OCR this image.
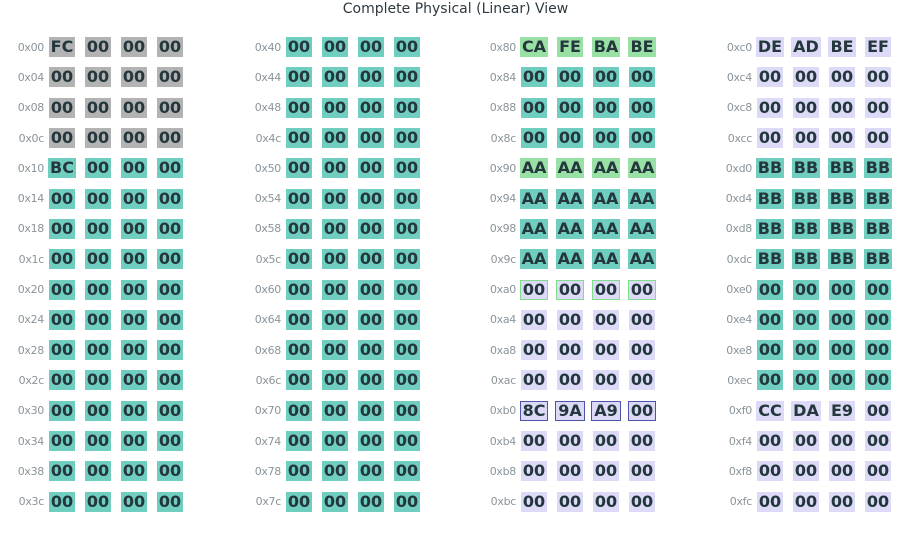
Complete Physical (Linear) View
0x00 FC 00 00 00
0x04 00 00 00 00
0x08 00 00 00 00
0x0c 00 00 00 00
0x10 BC 00 00 00
0x14 00 00 00 00
0x18 00 00 00 00
0x1c 00 00 00 00
0x20 00 00 00 00
0x24 00 00 00 00
0x28 00 00 00 00
0x2c 00 00 00 00
0x30 00 00 00 00
0x34 00 00 00 00
0x38 00 00 00 00
0x3c 00 00 00 00
0x40 00 00 00 00
0x44 00 00 00 00
0x48 00 00 00 00
0x4c 00 00 00 00
0x50 00 00 00 00
0x54 00 00 00 00
0x58 00 00 00 00
0x5c 00 00 00 00
0x60 00 00 00 00
0x64 00 00 00 00
0x68 00 00 00 00
0x6c 00 00 00 00
0x70 00 00 00 00
0x74 00 00 00 00
0x78 00 00 00 00
0x7c 00 00 00 00
0x80 CA FE BA BE
0x84 00 00 00 00
0x88 00 00 00 00
0x8c 00 00 00 00
0x90 AA AA AA AA
0x94 AA AA AA AA
0x98 AA AA AA AA
0x9c AA AA AA AA
0xa0 00 00 00 00
0xa4 00 00 00 00
0xa8 00 00 00 00
0xac 00 00 00 00
0xb0 8C 9A A9 00
0xb4 00 00 00 00
0xb8 00 00 00 00
0xbc 00 00 00 00
0xc0 DE AD BE EF
0xc4 00 00 00 00
0xc8 00 00 00 00
0xcc 00 00 00 00
0xd0 BB BB BB BB
0xd4 BB BB BB BB
0xd8 BB BB BB BB
0xdc BB BB BB BB
0xe0 00 00 00 00
0xe4 00 00 00 00
0xe8 00 00 00 00
0xec 00 00 00 00
0xf0 CC DA E9 00
0xf4 00 00 00 00
0xf8 00 00 00 00
0xfc 00 00 00 00
